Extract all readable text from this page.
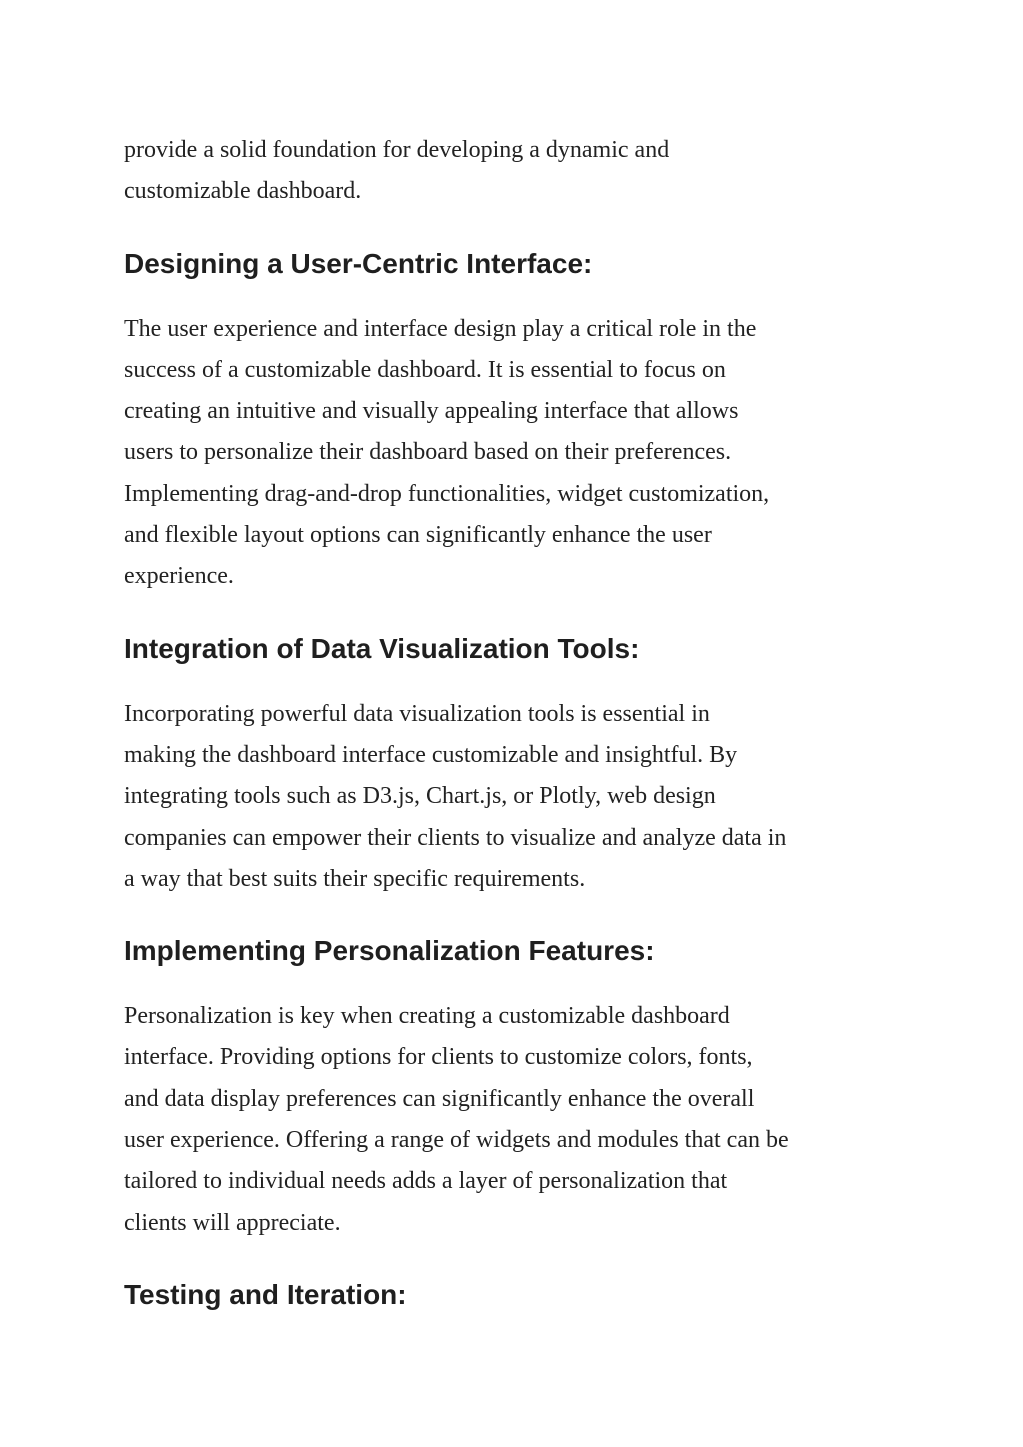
provide a solid foundation for developing a dynamic and
customizable dashboard.

Designing a User-Centric Interface:

The user experience and interface design play a critical role in the
success of a customizable dashboard. It is essential to focus on
creating an intuitive and visually appealing interface that allows
users to personalize their dashboard based on their preferences.
Implementing drag-and-drop functionalities, widget customization,
and flexible layout options can significantly enhance the user
experience.

Integration of Data Visualization Tools:

Incorporating powerful data visualization tools is essential in
making the dashboard interface customizable and insightful. By
integrating tools such as D3.js, Chart.js, or Plotly, web design
companies can empower their clients to visualize and analyze data in
a way that best suits their specific requirements.

Implementing Personalization Features:

Personalization is key when creating a customizable dashboard
interface. Providing options for clients to customize colors, fonts,
and data display preferences can significantly enhance the overall
user experience. Offering a range of widgets and modules that can be
tailored to individual needs adds a layer of personalization that
clients will appreciate.

Testing and Iteration:
